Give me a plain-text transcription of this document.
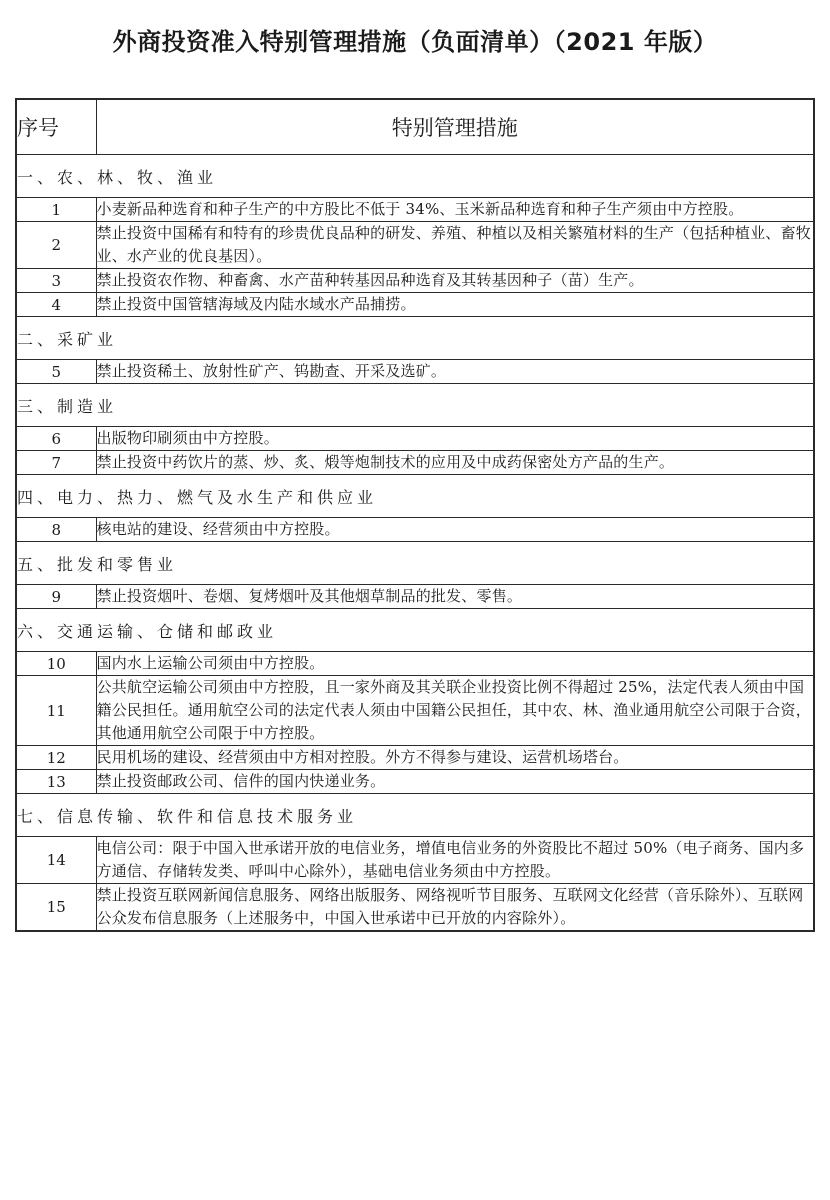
外商投资准入特别管理措施（负面清单）（2021 年版）
序号	特别管理措施
一、农、林、牧、渔业	
1	小麦新品种选育和种子生产的中方股比不低于 34%、玉米新品种选育和种子生产须由中方控股。
2	禁止投资中国稀有和特有的珍贵优良品种的研发、养殖、种植以及相关繁殖材料的生产（包括种植业、畜牧业、水产业的优良基因）。
3	禁止投资农作物、种畜禽、水产苗种转基因品种选育及其转基因种子（苗）生产。
4	禁止投资中国管辖海域及内陆水域水产品捕捞。
二、采矿业	
5	禁止投资稀土、放射性矿产、钨勘查、开采及选矿。
三、制造业	
6	出版物印刷须由中方控股。
7	禁止投资中药饮片的蒸、炒、炙、煅等炮制技术的应用及中成药保密处方产品的生产。
四、电力、热力、燃气及水生产和供应业	
8	核电站的建设、经营须由中方控股。
五、批发和零售业	
9	禁止投资烟叶、卷烟、复烤烟叶及其他烟草制品的批发、零售。
六、交通运输、仓储和邮政业	
10	国内水上运输公司须由中方控股。
11	公共航空运输公司须由中方控股，且一家外商及其关联企业投资比例不得超过 25%，法定代表人须由中国籍公民担任。通用航空公司的法定代表人须由中国籍公民担任，其中农、林、渔业通用航空公司限于合资，其他通用航空公司限于中方控股。
12	民用机场的建设、经营须由中方相对控股。外方不得参与建设、运营机场塔台。
13	禁止投资邮政公司、信件的国内快递业务。
七、信息传输、软件和信息技术服务业	
14	电信公司：限于中国入世承诺开放的电信业务，增值电信业务的外资股比不超过 50%（电子商务、国内多方通信、存储转发类、呼叫中心除外），基础电信业务须由中方控股。
15	禁止投资互联网新闻信息服务、网络出版服务、网络视听节目服务、互联网文化经营（音乐除外）、互联网公众发布信息服务（上述服务中，中国入世承诺中已开放的内容除外）。
